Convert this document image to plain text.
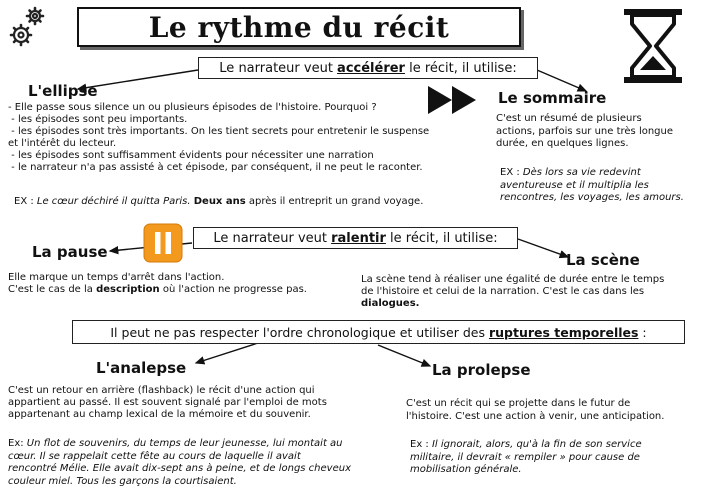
Le rythme du récit
Le narrateur veut accélérer le récit, il utilise:
L'ellipse
- Elle passe sous silence un ou plusieurs épisodes de l'histoire. Pourquoi ?
- les épisodes sont peu importants.
- les épisodes sont très importants. On les tient secrets pour entretenir le suspense
et l'intérêt du lecteur.
- les épisodes sont suffisamment évidents pour nécessiter une narration
- le narrateur n'a pas assisté à cet épisode, par conséquent, il ne peut le raconter.
EX : Le cœur déchiré il quitta Paris. Deux ans après il entreprit un grand voyage.
Le sommaire
C'est un résumé de plusieurs
actions, parfois sur une très longue
durée, en quelques lignes.
EX : Dès lors sa vie redevint
aventureuse et il multiplia les
rencontres, les voyages, les amours.
Le narrateur veut ralentir le récit, il utilise:
La pause
Elle marque un temps d'arrêt dans l'action.
C'est le cas de la description où l'action ne progresse pas.
La scène
La scène tend à réaliser une égalité de durée entre le temps
de l'histoire et celui de la narration. C'est le cas dans les
dialogues.
Il peut ne pas respecter l'ordre chronologique et utiliser des ruptures temporelles :
L'analepse
C'est un retour en arrière (flashback) le récit d'une action qui
appartient au passé. Il est souvent signalé par l'emploi de mots
appartenant au champ lexical de la mémoire et du souvenir.
Ex: Un flot de souvenirs, du temps de leur jeunesse, lui montait au
cœur. Il se rappelait cette fête au cours de laquelle il avait
rencontré Mélie. Elle avait dix-sept ans à peine, et de longs cheveux
couleur miel. Tous les garçons la courtisaient.
La prolepse
C'est un récit qui se projette dans le futur de
l'histoire. C'est une action à venir, une anticipation.
Ex : Il ignorait, alors, qu'à la fin de son service
militaire, il devrait « rempiler » pour cause de
mobilisation générale.
